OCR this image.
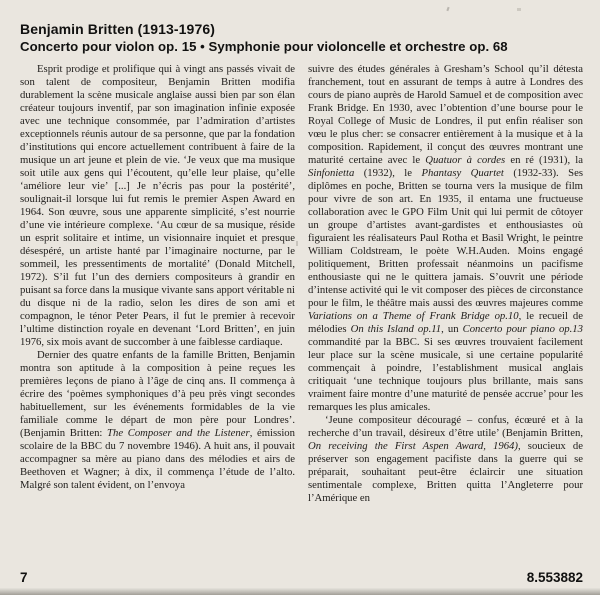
Benjamin Britten (1913-1976)
Concerto pour violon op. 15 • Symphonie pour violoncelle et orchestre op. 68

Esprit prodige et prolifique qui à vingt ans passés vivait de son talent de compositeur, Benjamin Britten modifia durablement la scène musicale anglaise aussi bien par son élan créateur toujours inventif, par son imagination infinie exposée avec une technique consommée, par l’admiration d’artistes exceptionnels réunis autour de sa personne, que par la fondation d’institutions qui encore actuellement contribuent à faire de la musique un art jeune et plein de vie. ‘Je veux que ma musique soit utile aux gens qui l’écoutent, qu’elle leur plaise, qu’elle ‘améliore leur vie’ [...] Je n’écris pas pour la postérité’, soulignait-il lorsque lui fut remis le premier Aspen Award en 1964. Son œuvre, sous une apparente simplicité, s’est nourrie d’une vie intérieure complexe. ‘Au cœur de sa musique, réside un esprit solitaire et intime, un visionnaire inquiet et presque désespéré, un artiste hanté par l’imaginaire nocturne, par le sommeil, les pressentiments de mortalité’ (Donald Mitchell, 1972). S’il fut l’un des derniers compositeurs à grandir en puisant sa force dans la musique vivante sans apport véritable ni du disque ni de la radio, selon les dires de son ami et compagnon, le ténor Peter Pears, il fut le premier à recevoir l’ultime distinction royale en devenant ‘Lord Britten’, en juin 1976, six mois avant de succomber à une faiblesse cardiaque.

Dernier des quatre enfants de la famille Britten, Benjamin montra son aptitude à la composition à peine reçues les premières leçons de piano à l’âge de cinq ans. Il commença à écrire des ‘poèmes symphoniques d’à peu près vingt secondes habituellement, sur les événements formidables de la vie familiale comme le départ de mon père pour Londres’. (Benjamin Britten: The Composer and the Listener, émission scolaire de la BBC du 7 novembre 1946). A huit ans, il pouvait accompagner sa mère au piano dans des mélodies et airs de Beethoven et Wagner; à dix, il commença l’étude de l’alto. Malgré son talent évident, on l’envoya

suivre des études générales à Gresham’s School qu’il détesta franchement, tout en assurant de temps à autre à Londres des cours de piano auprès de Harold Samuel et de composition avec Frank Bridge. En 1930, avec l’obtention d’une bourse pour le Royal College of Music de Londres, il put enfin réaliser son vœu le plus cher: se consacrer entièrement à la musique et à la composition. Rapidement, il conçut des œuvres montrant une maturité certaine avec le Quatuor à cordes en ré (1931), la Sinfonietta (1932), le Phantasy Quartet (1932-33). Ses diplômes en poche, Britten se tourna vers la musique de film pour vivre de son art. En 1935, il entama une fructueuse collaboration avec le GPO Film Unit qui lui permit de côtoyer un groupe d’artistes avant-gardistes et enthousiastes où figuraient les réalisateurs Paul Rotha et Basil Wright, le peintre William Coldstream, le poète W.H.Auden. Moins engagé politiquement, Britten professait néanmoins un pacifisme enthousiaste qui ne le quittera jamais. S’ouvrit une période d’intense activité qui le vit composer des pièces de circonstance pour le film, le théâtre mais aussi des œuvres majeures comme Variations on a Theme of Frank Bridge op.10, le recueil de mélodies On this Island op.11, un Concerto pour piano op.13 commandité par la BBC. Si ses œuvres trouvaient facilement leur place sur la scène musicale, si une certaine popularité commençait à poindre, l’establishment musical anglais critiquait ‘une technique toujours plus brillante, mais sans vraiment faire montre d’une maturité de pensée accrue’ pour les remarques les plus amicales.

‘Jeune compositeur découragé – confus, écœuré et à la recherche d’un travail, désireux d’être utile’ (Benjamin Britten, On receiving the First Aspen Award, 1964), soucieux de préserver son engagement pacifiste dans la guerre qui se préparait, souhaitant peut-être éclaircir une situation sentimentale complexe, Britten quitta l’Angleterre pour l’Amérique en

7	8.553882
